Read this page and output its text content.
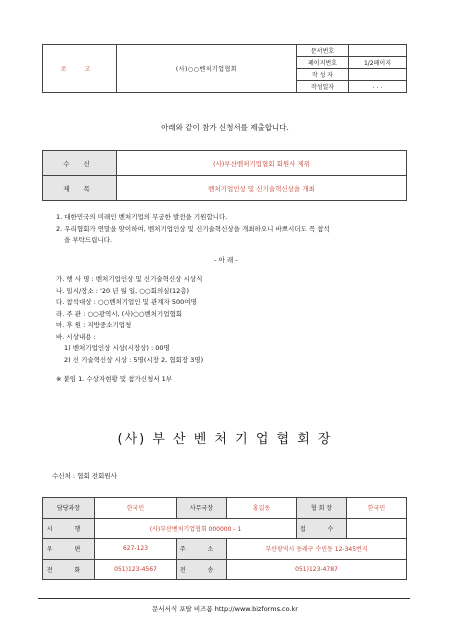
로 고	(사)○○벤처기업협회	문서번호	
		페이지번호	1/2페이지
		작 성 자	
		작성일자	. . .
아래와 같이 참가 신청서를 제출합니다.
수 신	(사)부산벤처기업협회 회원사 제위
제 목	벤처기업인상 및 신기술혁신상을 개최

1. 대한민국의 미래인 벤처기업의 무궁한 발전을 기원합니다.

2. 우리협회가 연말을 맞이하여, 벤처기업인상 및 신기술혁신상을 개최하오니 바쁘시더도 꼭 참석

을 부탁드립니다.

- 아 래 -

가. 행 사 명 : 벤처기업인상 및 신기술혁신상 시상식

나. 일시/장소 : '20 년 월 일, ○○회의실(12층)

다. 참석대상 : ○○벤처기업인 및 관계자 500여명

라. 주 관 : ○○광역시, (사)○○벤처기업협회

마. 후 원 : 지방중소기업청

바. 시상내용 :

1) 벤처기업인상 시상(시장상) : 00명

2) 신 기술혁신상 시상 : 5명(시장 2, 협회장 3명)

※ 붙임 1. 수상자현황 및 참가신청서 1부

(사) 부 산 벤 처 기 업 협 회 장
수신처 : 협회 전회원사
담당과장	한국민	사무국장	홍길동	협 회 장	한국민
시 행	(사)부산벤처기업협회 000000 - 1			접 수	
우 편	627-123	주 소	부산광역시 동래구 수민동 12-345번지		
전 화	051)123-4567	전 송	051)123-4787		
문서서식 포탈 비즈폼 http://www.bizforms.co.kr
